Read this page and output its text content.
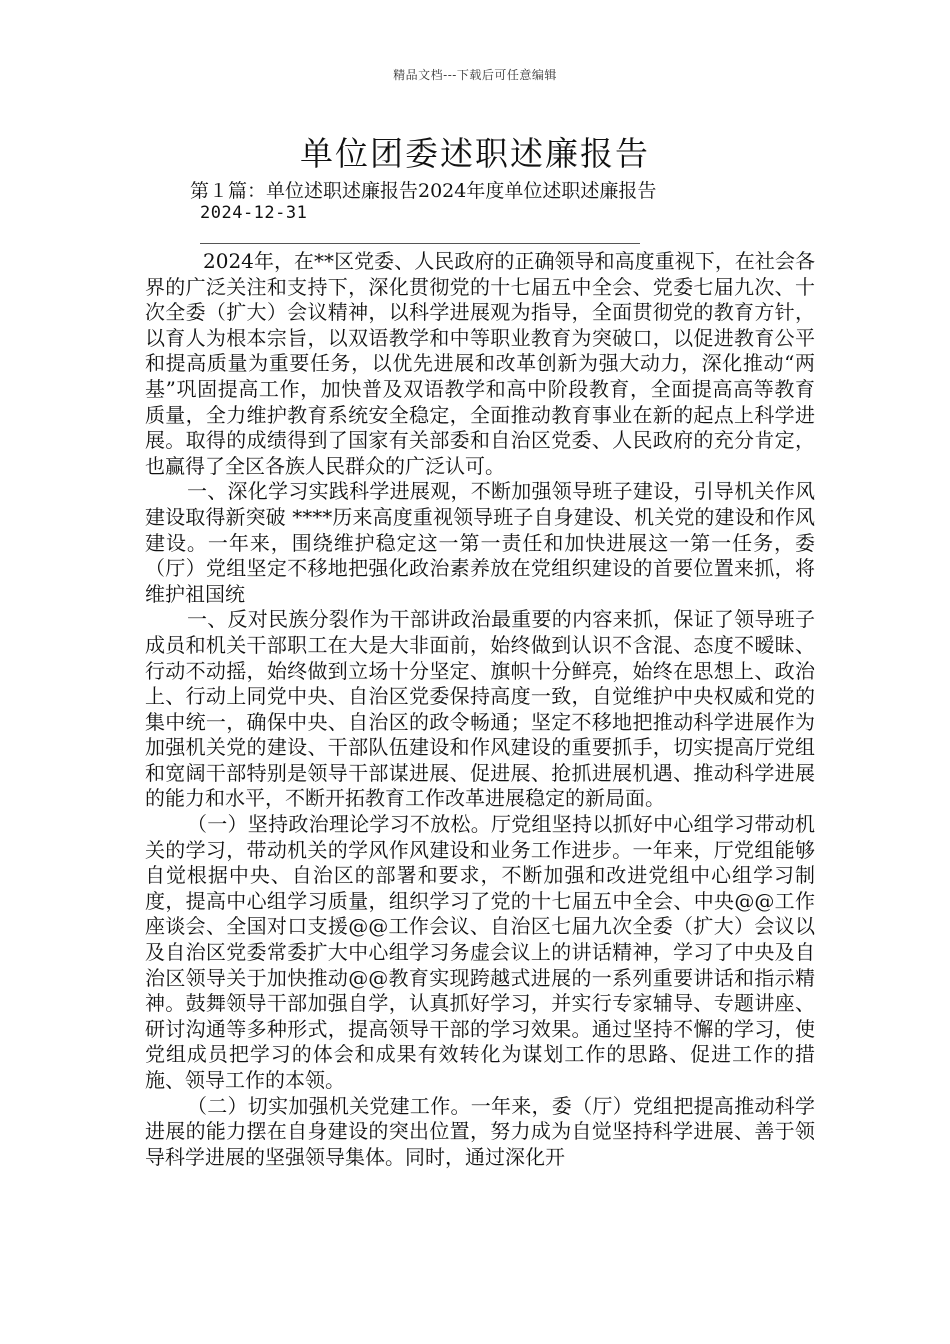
精品文档---下载后可任意编辑
单位团委述职述廉报告
第１篇：单位述职述廉报告2024年度单位述职述廉报告
2024-12-31

2024年，在**区党委、人民政府的正确领导和高度重视下，在社会各界的广泛关注和支持下，深化贯彻党的十七届五中全会、党委七届九次、十次全委（扩大）会议精神，以科学进展观为指导，全面贯彻党的教育方针，以育人为根本宗旨，以双语教学和中等职业教育为突破口，以促进教育公平和提高质量为重要任务，以优先进展和改革创新为强大动力，深化推动“两基”巩固提高工作，加快普及双语教学和高中阶段教育，全面提高高等教育质量，全力维护教育系统安全稳定，全面推动教育事业在新的起点上科学进展。取得的成绩得到了国家有关部委和自治区党委、人民政府的充分肯定，也赢得了全区各族人民群众的广泛认可。

一、深化学习实践科学进展观，不断加强领导班子建设，引导机关作风建设取得新突破 ****历来高度重视领导班子自身建设、机关党的建设和作风建设。一年来，围绕维护稳定这一第一责任和加快进展这一第一任务，委（厅）党组坚定不移地把强化政治素养放在党组织建设的首要位置来抓，将维护祖国统

一、反对民族分裂作为干部讲政治最重要的内容来抓，保证了领导班子成员和机关干部职工在大是大非面前，始终做到认识不含混、态度不暧昧、行动不动摇，始终做到立场十分坚定、旗帜十分鲜亮，始终在思想上、政治上、行动上同党中央、自治区党委保持高度一致，自觉维护中央权威和党的集中统一，确保中央、自治区的政令畅通；坚定不移地把推动科学进展作为加强机关党的建设、干部队伍建设和作风建设的重要抓手，切实提高厅党组和宽阔干部特别是领导干部谋进展、促进展、抢抓进展机遇、推动科学进展的能力和水平，不断开拓教育工作改革进展稳定的新局面。

（一）坚持政治理论学习不放松。厅党组坚持以抓好中心组学习带动机关的学习，带动机关的学风作风建设和业务工作进步。一年来，厅党组能够自觉根据中央、自治区的部署和要求，不断加强和改进党组中心组学习制度，提高中心组学习质量，组织学习了党的十七届五中全会、中央@@工作座谈会、全国对口支援@@工作会议、自治区七届九次全委（扩大）会议以及自治区党委常委扩大中心组学习务虚会议上的讲话精神，学习了中央及自治区领导关于加快推动@@教育实现跨越式进展的一系列重要讲话和指示精神。鼓舞领导干部加强自学，认真抓好学习，并实行专家辅导、专题讲座、研讨沟通等多种形式，提高领导干部的学习效果。通过坚持不懈的学习，使党组成员把学习的体会和成果有效转化为谋划工作的思路、促进工作的措施、领导工作的本领。

（二）切实加强机关党建工作。一年来，委（厅）党组把提高推动科学进展的能力摆在自身建设的突出位置，努力成为自觉坚持科学进展、善于领导科学进展的坚强领导集体。同时，通过深化开
